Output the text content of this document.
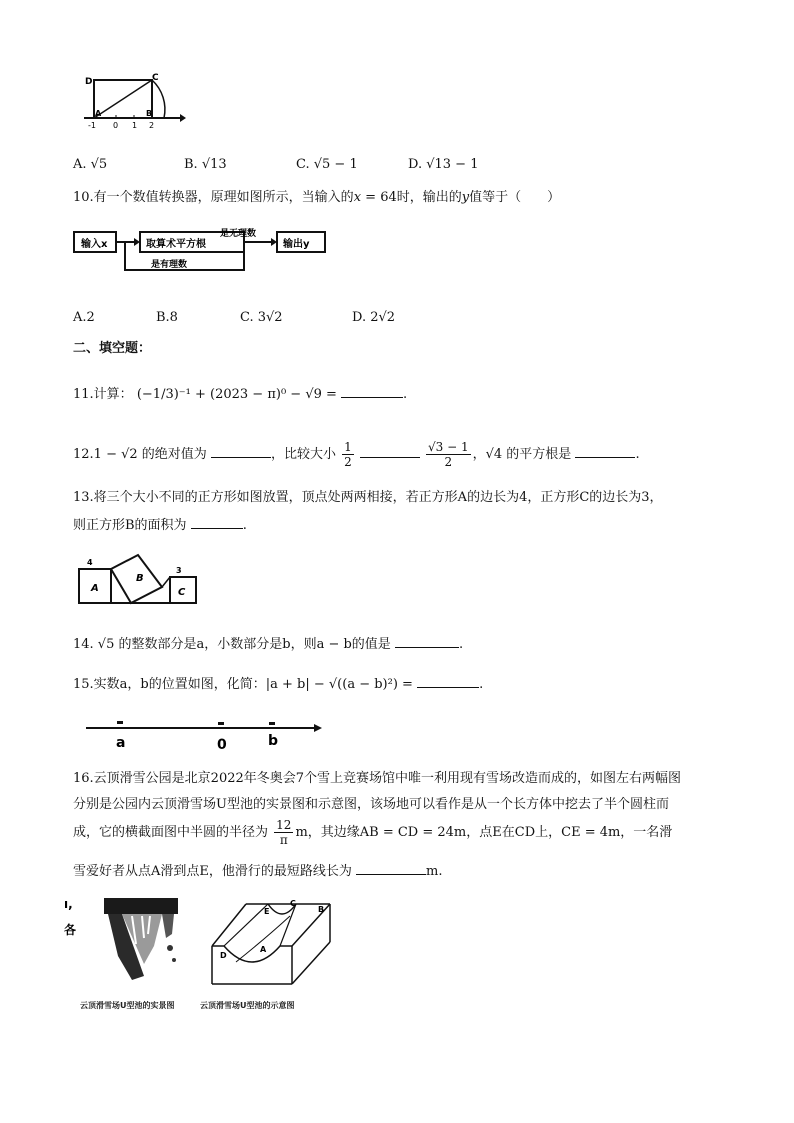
D	C
A	B
-1 0 1 2
A. √5	B. √13	C. √5 − 1	D. √13 − 1
10.有一个数值转换器，原理如图所示，当输入的x = 64时，输出的y值等于（　　）
输入x	取算术平方根
是无理数
输出y
是有理数
A.2	B.8	C. 3√2	D. 2√2
二、填空题：
11.计算： (−1/3)⁻¹ + (2023 − π)⁰ − √9 =	.
12.1 − √2 的绝对值为	，比较大小 $\frac{1}{2}$
	$\frac{√3 - 1}{2}$ ，√4 的平方根是	.
13.将三个大小不同的正方形如图放置，顶点处两两相接，若正方形A的边长为4，正方形C的边长为3，
则正方形B的面积为	.
4
A
B
3
C
14. √5 的整数部分是a，小数部分是b，则a − b的值是	.
15.实数a，b的位置如图，化简：|a + b| − √((a − b)²) =	.
a	0	b
16.云顶滑雪公园是北京2022年冬奥会7个雪上竞赛场馆中唯一利用现有雪场改造而成的，如图左右两幅图
分别是公园内云顶滑雪场U型池的实景图和示意图，该场地可以看作是从一个长方体中挖去了半个圆柱而
成，它的横截面图中半圆的半径为 $\frac{12}{\pi}$ m，其边缘AB = CD = 24m，点E在CD上，CE = 4m，一名滑
雪爱好者从点A滑到点E，他滑行的最短路线长为	m.
ı,
各
E
C
B
D
A
云顶滑雪场U型池的实景图	云顶滑雪场U型池的示意图
